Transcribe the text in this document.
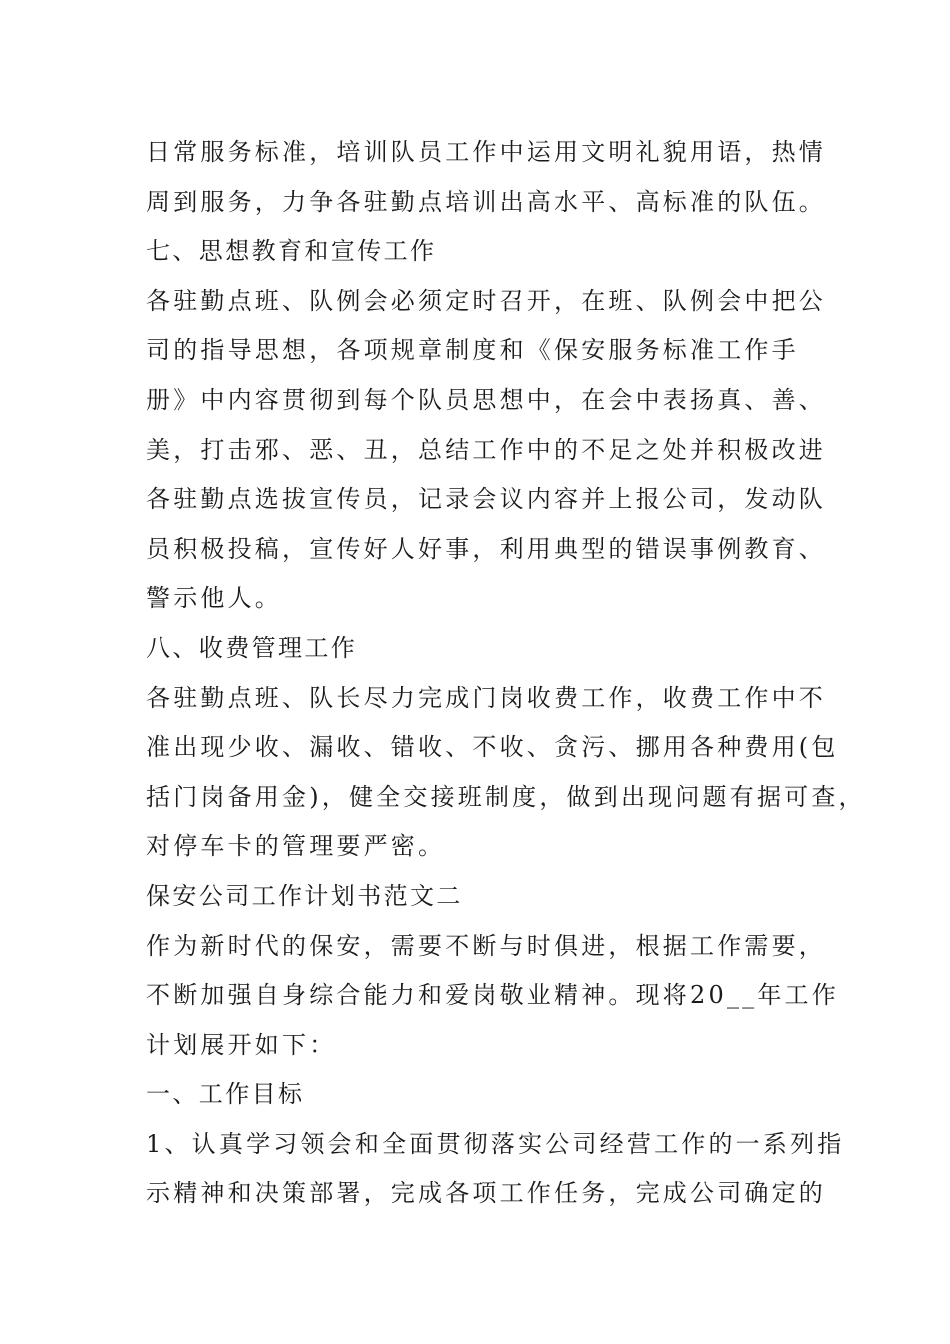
日常服务标准，培训队员工作中运用文明礼貌用语，热情
周到服务，力争各驻勤点培训出高水平、高标准的队伍。
七、思想教育和宣传工作
各驻勤点班、队例会必须定时召开，在班、队例会中把公
司的指导思想，各项规章制度和《保安服务标准工作手
册》中内容贯彻到每个队员思想中，在会中表扬真、善、
美，打击邪、恶、丑，总结工作中的不足之处并积极改进
各驻勤点选拔宣传员，记录会议内容并上报公司，发动队
员积极投稿，宣传好人好事，利用典型的错误事例教育、
警示他人。
八、收费管理工作
各驻勤点班、队长尽力完成门岗收费工作，收费工作中不
准出现少收、漏收、错收、不收、贪污、挪用各种费用(包
括门岗备用金)，健全交接班制度，做到出现问题有据可查，
对停车卡的管理要严密。
保安公司工作计划书范文二
作为新时代的保安，需要不断与时俱进，根据工作需要，
不断加强自身综合能力和爱岗敬业精神。现将20__年工作
计划展开如下：
一、工作目标
1、认真学习领会和全面贯彻落实公司经营工作的一系列指
示精神和决策部署，完成各项工作任务，完成公司确定的
